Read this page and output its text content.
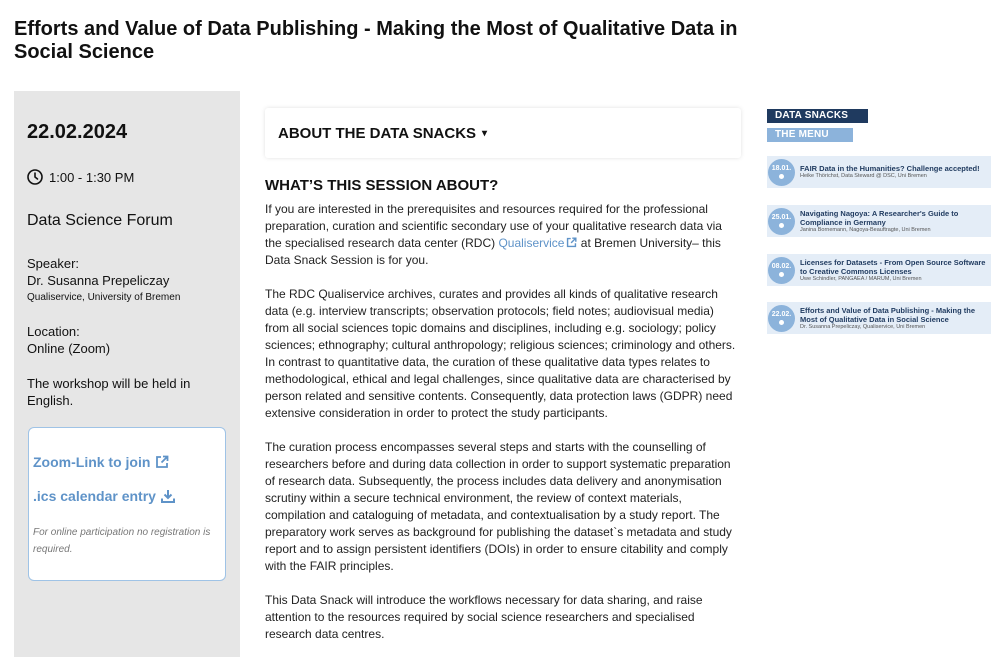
Efforts and Value of Data Publishing - Making the Most of Qualitative Data in Social Science
22.02.2024
1:00 - 1:30 PM
Data Science Forum
Speaker:
Dr. Susanna Prepeliczay
Qualiservice, University of Bremen
Location:
Online (Zoom)
The workshop will be held in English.
Zoom-Link to join
.ics calendar entry
For online participation no registration is required.
ABOUT THE DATA SNACKS ▾
WHAT’S THIS SESSION ABOUT?

If you are interested in the prerequisites and resources required for the professional preparation, curation and scientific secondary use of your qualitative research data via the specialised research data center (RDC) Qualiservice at Bremen University– this Data Snack Session is for you.

The RDC Qualiservice archives, curates and provides all kinds of qualitative research data (e.g. interview transcripts; observation protocols; field notes; audiovisual media) from all social sciences topic domains and disciplines, including e.g. sociology; policy sciences; ethnography; cultural anthropology; religious sciences; criminology and others. In contrast to quantitative data, the curation of these qualitative data types relates to methodological, ethical and legal challenges, since qualitative data are characterised by person related and sensitive contents. Consequently, data protection laws (GDPR) need extensive consideration in order to protect the study participants.

The curation process encompasses several steps and starts with the counselling of researchers before and during data collection in order to support systematic preparation of research data. Subsequently, the process includes data delivery and anonymisation scrutiny within a secure technical environment, the review of context materials, compilation and cataloguing of metadata, and contextualisation by a study report. The preparatory work serves as background for publishing the dataset`s metadata and study report and to assign persistent identifiers (DOIs) in order to ensure citability and comply with the FAIR principles.

This Data Snack will introduce the workflows necessary for data sharing, and raise attention to the resources required by social science researchers and specialised research data centres.

DATA SNACKS
THE MENU
18.01. FAIR Data in the Humanities? Challenge accepted!
Heike Thörichst, Data Steward @ DSC, Uni Bremen
25.01. Navigating Nagoya: A Researcher's Guide to Compliance in Germany
Janina Bornemann, Nagoya-Beauftragte, Uni Bremen
08.02. Licenses for Datasets - From Open Source Software to Creative Commons Licenses
Uwe Schindler, PANGAEA / MARUM, Uni Bremen
22.02. Efforts and Value of Data Publishing - Making the Most of Qualitative Data in Social Science
Dr. Susanna Prepeliczay, Qualiservice, Uni Bremen
